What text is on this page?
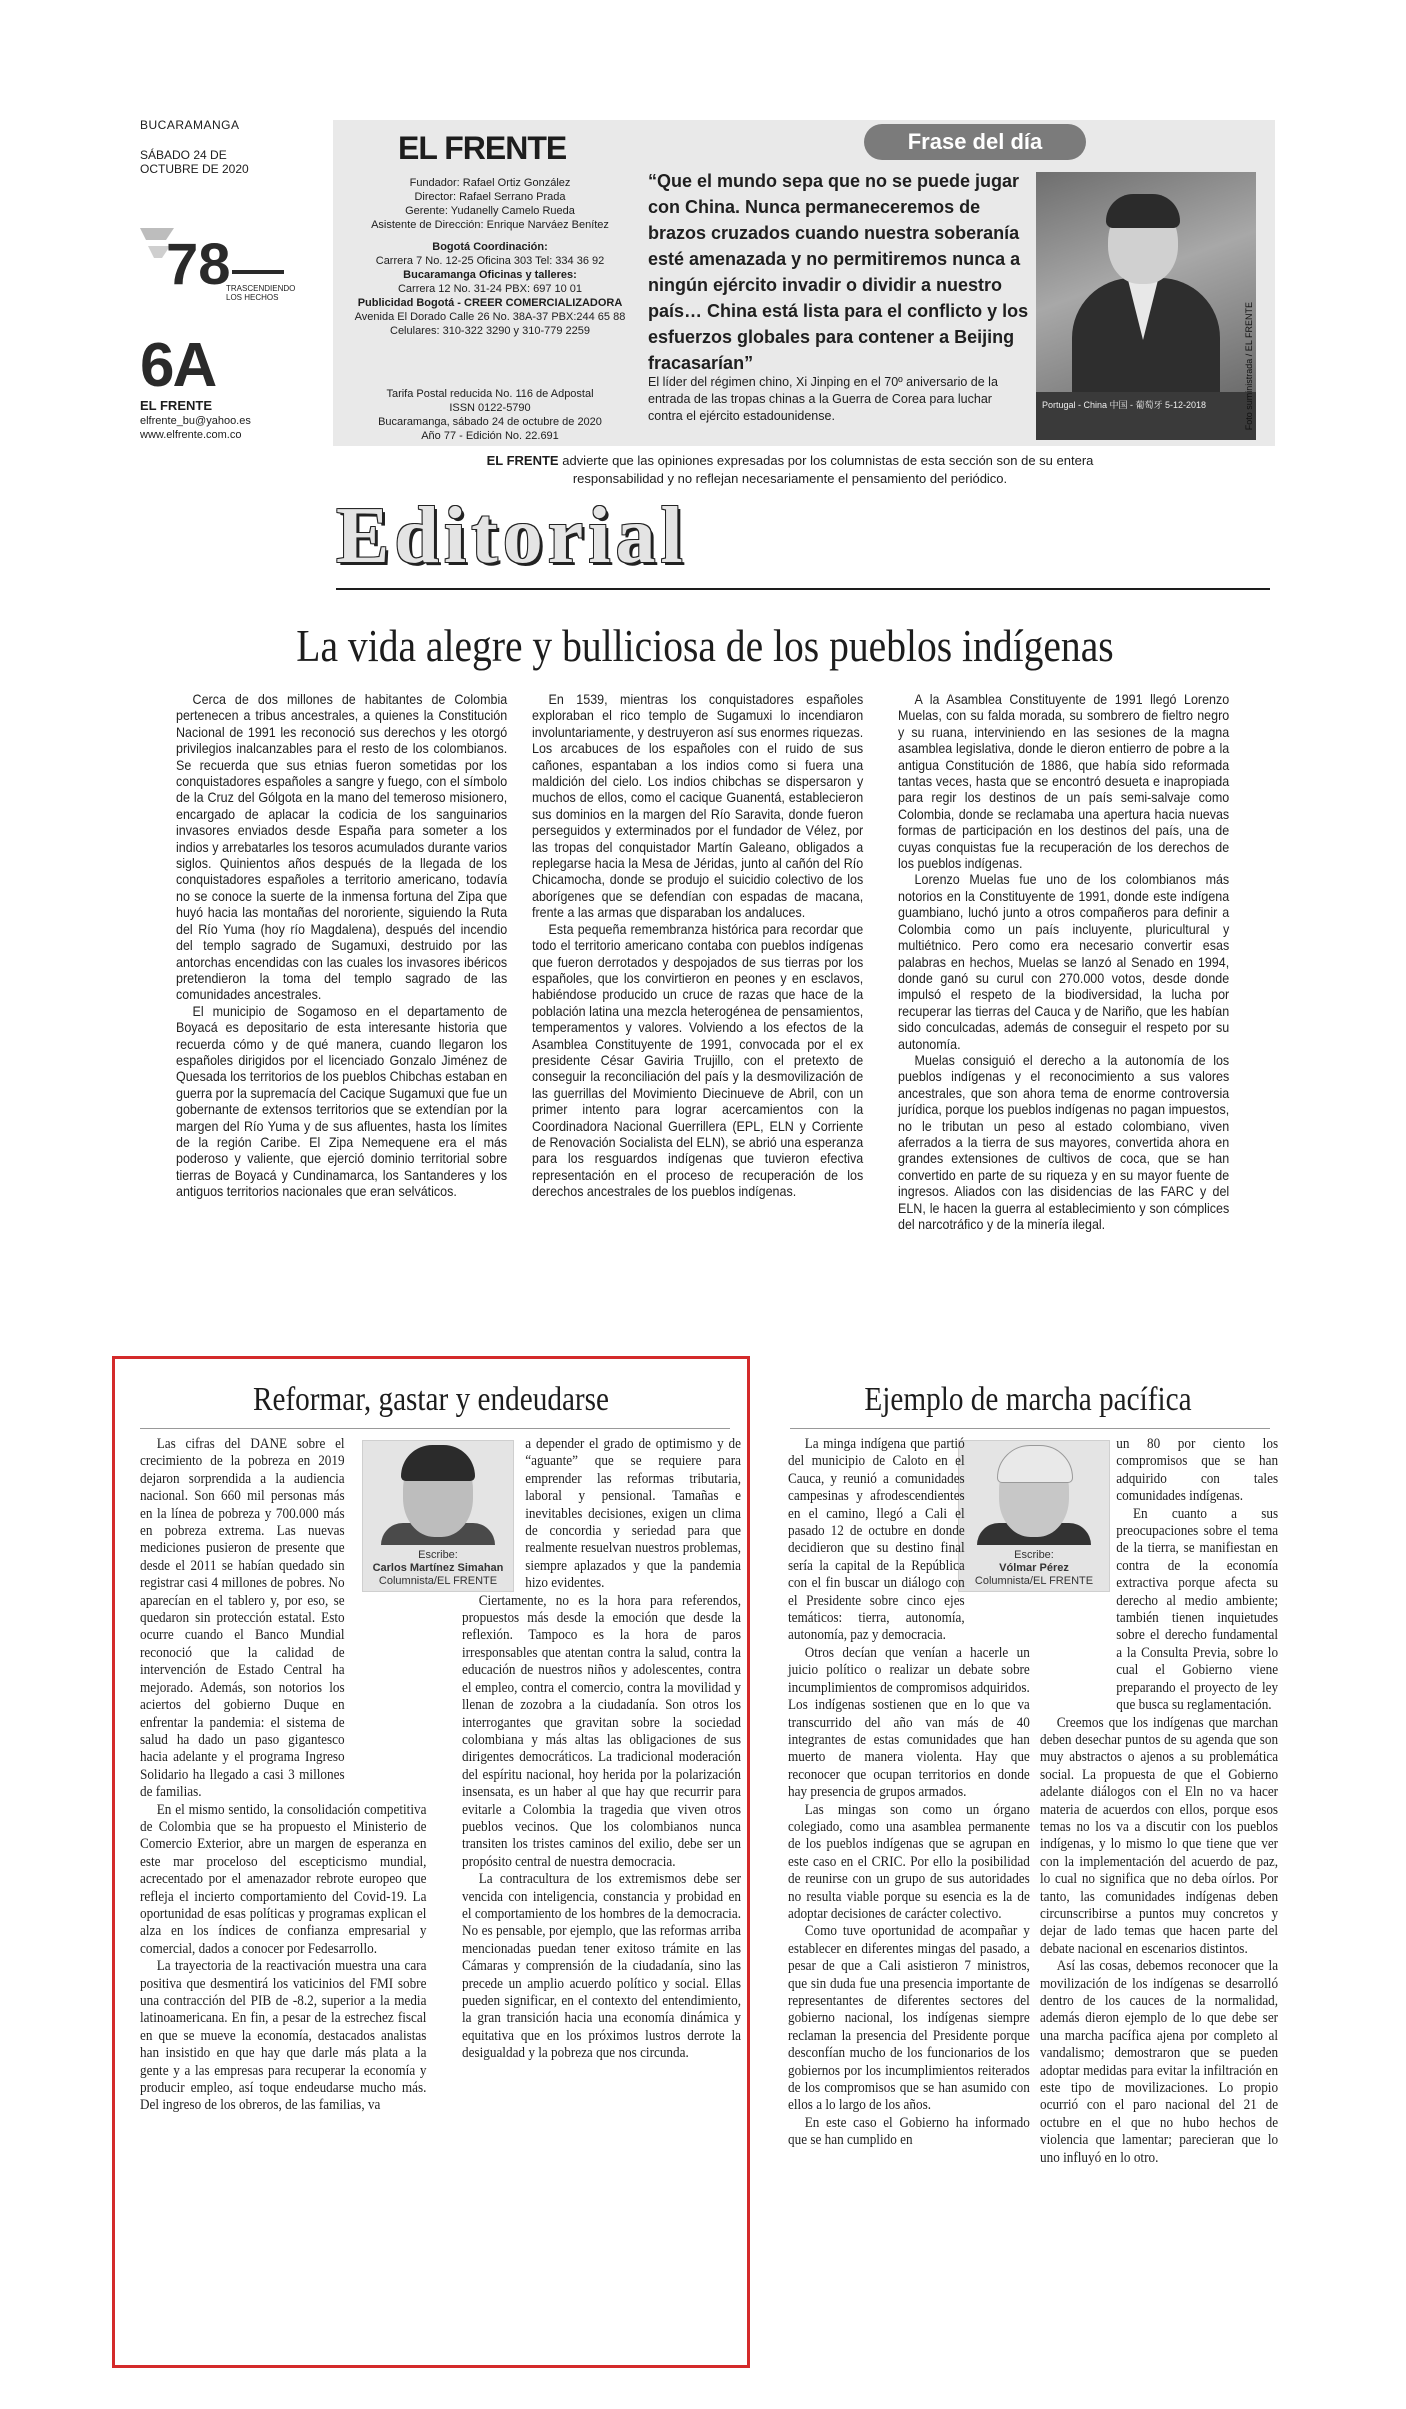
BUCARAMANGA
SÁBADO 24 DE OCTUBRE DE 2020
78
TRASCENDIENDO LOS HECHOS
6A
EL FRENTE
elfrente_bu@yahoo.es
www.elfrente.com.co
EL FRENTE
Fundador: Rafael Ortiz González
Director: Rafael Serrano Prada
Gerente: Yudanelly Camelo Rueda
Asistente de Dirección: Enrique Narváez Benítez
Bogotá Coordinación:
Carrera 7 No. 12-25 Oficina 303 Tel: 334 36 92
Bucaramanga Oficinas y talleres:
Carrera 12 No. 31-24 PBX: 697 10 01
Publicidad Bogotá - CREER COMERCIALIZADORA
Avenida El Dorado Calle 26 No. 38A-37 PBX:244 65 88
Celulares: 310-322 3290 y 310-779 2259
Tarifa Postal reducida No. 116 de Adpostal
ISSN 0122-5790
Bucaramanga, sábado 24 de octubre de 2020
Año 77 - Edición No. 22.691
Frase del día
“Que el mundo sepa que no se puede jugar con China. Nunca permaneceremos de brazos cruzados cuando nuestra soberanía esté amenazada y no permitiremos nunca a ningún ejército invadir o dividir a nuestro país… China está lista para el conflicto y los esfuerzos globales para contener a Beijing fracasarían”
El líder del régimen chino, Xi Jinping en el 70º aniversario de la entrada de las tropas chinas a la Guerra de Corea para luchar contra el ejército estadounidense.
Portugal - China 中国 - 葡萄牙 5-12-2018	Foto suministrada / EL FRENTE
EL FRENTE advierte que las opiniones expresadas por los columnistas de esta sección son de su entera responsabilidad y no reflejan necesariamente el pensamiento del periódico.
Editorial
La vida alegre y bulliciosa de los pueblos indígenas

Cerca de dos millones de habitantes de Colombia pertenecen a tribus ancestrales, a quienes la Constitución Nacional de 1991 les reconoció sus derechos y les otorgó privilegios inalcanzables para el resto de los colombianos. Se recuerda que sus etnias fueron sometidas por los conquistadores españoles a sangre y fuego, con el símbolo de la Cruz del Gólgota en la mano del temeroso misionero, encargado de aplacar la codicia de los sanguinarios invasores enviados desde España para someter a los indios y arrebatarles los tesoros acumulados durante varios siglos. Quinientos años después de la llegada de los conquistadores españoles a territorio americano, todavía no se conoce la suerte de la inmensa fortuna del Zipa que huyó hacia las montañas del nororiente, siguiendo la Ruta del Río Yuma (hoy río Magdalena), después del incendio del templo sagrado de Sugamuxi, destruido por las antorchas encendidas con las cuales los invasores ibéricos pretendieron la toma del templo sagrado de las comunidades ancestrales.

El municipio de Sogamoso en el departamento de Boyacá es depositario de esta interesante historia que recuerda cómo y de qué manera, cuando llegaron los españoles dirigidos por el licenciado Gonzalo Jiménez de Quesada los territorios de los pueblos Chibchas estaban en guerra por la supremacía del Cacique Sugamuxi que fue un gobernante de extensos territorios que se extendían por la margen del Río Yuma y de sus afluentes, hasta los límites de la región Caribe. El Zipa Nemequene era el más poderoso y valiente, que ejerció dominio territorial sobre tierras de Boyacá y Cundinamarca, los Santanderes y los antiguos territorios nacionales que eran selváticos.

En 1539, mientras los conquistadores españoles exploraban el rico templo de Sugamuxi lo incendiaron involuntariamente, y destruyeron así sus enormes riquezas. Los arcabuces de los españoles con el ruido de sus cañones, espantaban a los indios como si fuera una maldición del cielo. Los indios chibchas se dispersaron y muchos de ellos, como el cacique Guanentá, establecieron sus dominios en la margen del Río Saravita, donde fueron perseguidos y exterminados por el fundador de Vélez, por las tropas del conquistador Martín Galeano, obligados a replegarse hacia la Mesa de Jéridas, junto al cañón del Río Chicamocha, donde se produjo el suicidio colectivo de los aborígenes que se defendían con espadas de macana, frente a las armas que disparaban los andaluces.

Esta pequeña remembranza histórica para recordar que todo el territorio americano contaba con pueblos indígenas que fueron derrotados y despojados de sus tierras por los españoles, que los convirtieron en peones y en esclavos, habiéndose producido un cruce de razas que hace de la población latina una mezcla heterogénea de pensamientos, temperamentos y valores. Volviendo a los efectos de la Asamblea Constituyente de 1991, convocada por el ex presidente César Gaviria Trujillo, con el pretexto de conseguir la reconciliación del país y la desmovilización de las guerrillas del Movimiento Diecinueve de Abril, con un primer intento para lograr acercamientos con la Coordinadora Nacional Guerrillera (EPL, ELN y Corriente de Renovación Socialista del ELN), se abrió una esperanza para los resguardos indígenas que tuvieron efectiva representación en el proceso de recuperación de los derechos ancestrales de los pueblos indígenas.

A la Asamblea Constituyente de 1991 llegó Lorenzo Muelas, con su falda morada, su sombrero de fieltro negro y su ruana, interviniendo en las sesiones de la magna asamblea legislativa, donde le dieron entierro de pobre a la antigua Constitución de 1886, que había sido reformada tantas veces, hasta que se encontró desueta e inapropiada para regir los destinos de un país semi-salvaje como Colombia, donde se reclamaba una apertura hacia nuevas formas de participación en los destinos del país, una de cuyas conquistas fue la recuperación de los derechos de los pueblos indígenas.

Lorenzo Muelas fue uno de los colombianos más notorios en la Constituyente de 1991, donde este indígena guambiano, luchó junto a otros compañeros para definir a Colombia como un país incluyente, pluricultural y multiétnico. Pero como era necesario convertir esas palabras en hechos, Muelas se lanzó al Senado en 1994, donde ganó su curul con 270.000 votos, desde donde impulsó el respeto de la biodiversidad, la lucha por recuperar las tierras del Cauca y de Nariño, que les habían sido conculcadas, además de conseguir el respeto por su autonomía.

Muelas consiguió el derecho a la autonomía de los pueblos indígenas y el reconocimiento a sus valores ancestrales, que son ahora tema de enorme controversia jurídica, porque los pueblos indígenas no pagan impuestos, no le tributan un peso al estado colombiano, viven aferrados a la tierra de sus mayores, convertida ahora en grandes extensiones de cultivos de coca, que se han convertido en parte de su riqueza y en su mayor fuente de ingresos. Aliados con las disidencias de las FARC y del ELN, le hacen la guerra al establecimiento y son cómplices del narcotráfico y de la minería ilegal.

Reformar, gastar y endeudarse
Escribe:
Carlos Martínez Simahan
Columnista/EL FRENTE

Las cifras del DANE sobre el crecimiento de la pobreza en 2019 dejaron sorprendida a la audiencia nacional. Son 660 mil personas más en la línea de pobreza y 700.000 más en pobreza extrema. Las nuevas mediciones pusieron de presente que desde el 2011 se habían quedado sin registrar casi 4 millones de pobres. No aparecían en el tablero y, por eso, se quedaron sin protección estatal. Esto ocurre cuando el Banco Mundial reconoció que la calidad de intervención de Estado Central ha mejorado. Además, son notorios los aciertos del gobierno Duque en enfrentar la pandemia: el sistema de salud ha dado un paso gigantesco hacia adelante y el programa Ingreso Solidario ha llegado a casi 3 millones de familias.

En el mismo sentido, la consolidación competitiva de Colombia que se ha propuesto el Ministerio de Comercio Exterior, abre un margen de esperanza en este mar proceloso del escepticismo mundial, acrecentado por el amenazador rebrote europeo que refleja el incierto comportamiento del Covid-19. La oportunidad de esas políticas y programas explican el alza en los índices de confianza empresarial y comercial, dados a conocer por Fedesarrollo.

La trayectoria de la reactivación muestra una cara positiva que desmentirá los vaticinios del FMI sobre una contracción del PIB de -8.2, superior a la media latinoamericana. En fin, a pesar de la estrechez fiscal en que se mueve la economía, destacados analistas han insistido en que hay que darle más plata a la gente y a las empresas para recuperar la economía y producir empleo, así toque endeudarse mucho más. Del ingreso de los obreros, de las familias, va

a depender el grado de optimismo y de “aguante” que se requiere para emprender las reformas tributaria, laboral y pensional. Tamañas e inevitables decisiones, exigen un clima de concordia y seriedad para que realmente resuelvan nuestros problemas, siempre aplazados y que la pandemia hizo evidentes.

Ciertamente, no es la hora para referendos, propuestos más desde la emoción que desde la reflexión. Tampoco es la hora de paros irresponsables que atentan contra la salud, contra la educación de nuestros niños y adolescentes, contra el empleo, contra el comercio, contra la movilidad y llenan de zozobra a la ciudadanía. Son otros los interrogantes que gravitan sobre la sociedad colombiana y más altas las obligaciones de sus dirigentes democráticos. La tradicional moderación del espíritu nacional, hoy herida por la polarización insensata, es un haber al que hay que recurrir para evitarle a Colombia la tragedia que viven otros pueblos vecinos. Que los colombianos nunca transiten los tristes caminos del exilio, debe ser un propósito central de nuestra democracia.

La contracultura de los extremismos debe ser vencida con inteligencia, constancia y probidad en el comportamiento de los hombres de la democracia. No es pensable, por ejemplo, que las reformas arriba mencionadas puedan tener exitoso trámite en las Cámaras y comprensión de la ciudadanía, sino las precede un amplio acuerdo político y social. Ellas pueden significar, en el contexto del entendimiento, la gran transición hacia una economía dinámica y equitativa que en los próximos lustros derrote la desigualdad y la pobreza que nos circunda.

Ejemplo de marcha pacífica
Escribe:
Vólmar Pérez
Columnista/EL FRENTE

La minga indígena que partió del municipio de Caloto en el Cauca, y reunió a comunidades campesinas y afrodescendientes en el camino, llegó a Cali el pasado 12 de octubre en donde decidieron que su destino final sería la capital de la República con el fin buscar un diálogo con el Presidente sobre cinco ejes temáticos: tierra, autonomía, autonomía, paz y democracia.

Otros decían que venían a hacerle un juicio político o realizar un debate sobre incumplimientos de compromisos adquiridos. Los indígenas sostienen que en lo que va transcurrido del año van más de 40 integrantes de estas comunidades que han muerto de manera violenta. Hay que reconocer que ocupan territorios en donde hay presencia de grupos armados.

Las mingas son como un órgano colegiado, como una asamblea permanente de los pueblos indígenas que se agrupan en este caso en el CRIC. Por ello la posibilidad de reunirse con un grupo de sus autoridades no resulta viable porque su esencia es la de adoptar decisiones de carácter colectivo.

Como tuve oportunidad de acompañar y establecer en diferentes mingas del pasado, a pesar de que a Cali asistieron 7 ministros, que sin duda fue una presencia importante de representantes de diferentes sectores del gobierno nacional, los indígenas siempre reclaman la presencia del Presidente porque desconfían mucho de los funcionarios de los gobiernos por los incumplimientos reiterados de los compromisos que se han asumido con ellos a lo largo de los años.

En este caso el Gobierno ha informado que se han cumplido en

un 80 por ciento los compromisos que se han adquirido con tales comunidades indígenas.

En cuanto a sus preocupaciones sobre el tema de la tierra, se manifiestan en contra de la economía extractiva porque afecta su derecho al medio ambiente; también tienen inquietudes sobre el derecho fundamental a la Consulta Previa, sobre lo cual el Gobierno viene preparando el proyecto de ley que busca su reglamentación.

Creemos que los indígenas que marchan deben desechar puntos de su agenda que son muy abstractos o ajenos a su problemática social. La propuesta de que el Gobierno adelante diálogos con el Eln no va hacer materia de acuerdos con ellos, porque esos temas no los va a discutir con los pueblos indígenas, y lo mismo lo que tiene que ver con la implementación del acuerdo de paz, lo cual no significa que no deba oírlos. Por tanto, las comunidades indígenas deben circunscribirse a puntos muy concretos y dejar de lado temas que hacen parte del debate nacional en escenarios distintos.

Así las cosas, debemos reconocer que la movilización de los indígenas se desarrolló dentro de los cauces de la normalidad, además dieron ejemplo de lo que debe ser una marcha pacífica ajena por completo al vandalismo; demostraron que se pueden adoptar medidas para evitar la infiltración en este tipo de movilizaciones. Lo propio ocurrió con el paro nacional del 21 de octubre en el que no hubo hechos de violencia que lamentar; parecieran que lo uno influyó en lo otro.
